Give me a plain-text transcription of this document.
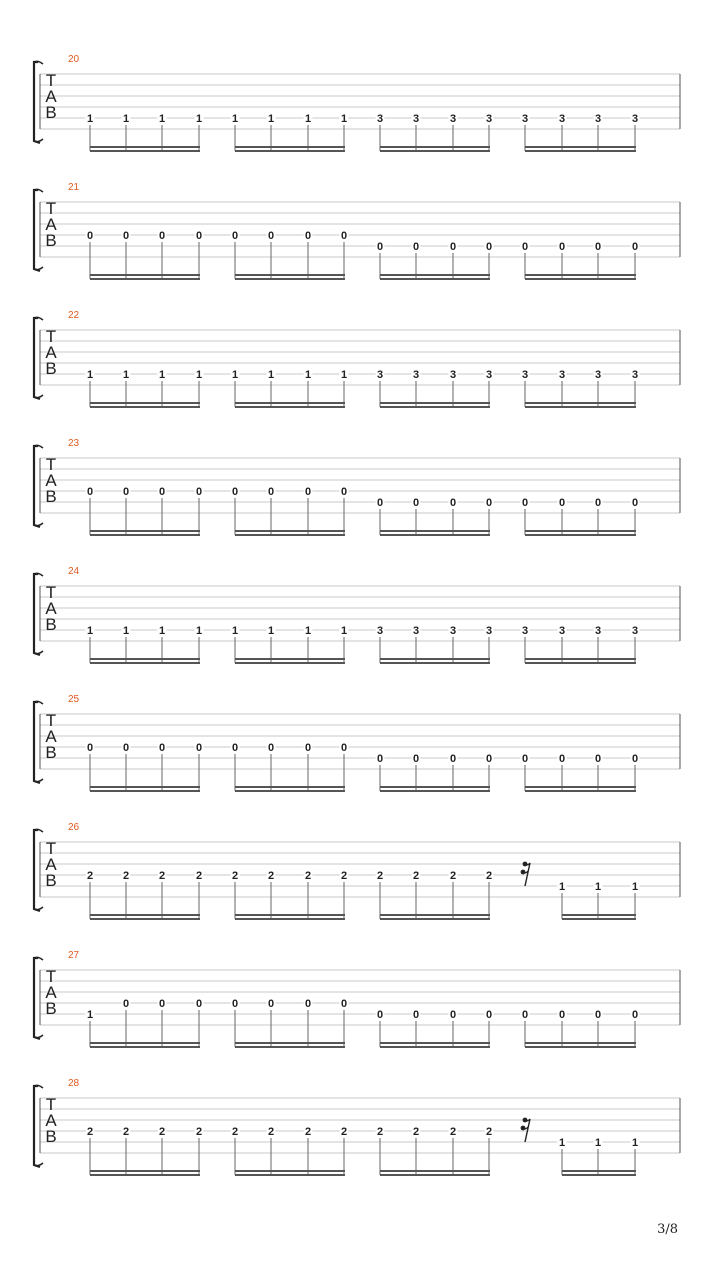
20
T
A
B	1	1	1	1	1	1	1	1	3	3	3	3	3	3	3	3
21
T
A
B	0	0	0	0	0	0	0	0
0	0	0	0	0	0	0	0
22
T
A
B	1	1	1	1	1	1	1	1	3	3	3	3	3	3	3	3
23
T
A
B	0	0	0	0	0	0	0	0
0	0	0	0	0	0	0	0
24
T
A
B	1	1	1	1	1	1	1	1	3	3	3	3	3	3	3	3
25
T
A
B	0	0	0	0	0	0	0	0
0	0	0	0	0	0	0	0
26
T
A
B	2	2	2	2	2	2	2	2	2	2	2	2
1	1	1
27
T
A
B	1
0	0	0	0	0	0	0
0	0	0	0	0	0	0	0
28
T
A
B	2	2	2	2	2	2	2	2	2	2	2	2
1	1	1
3/8
